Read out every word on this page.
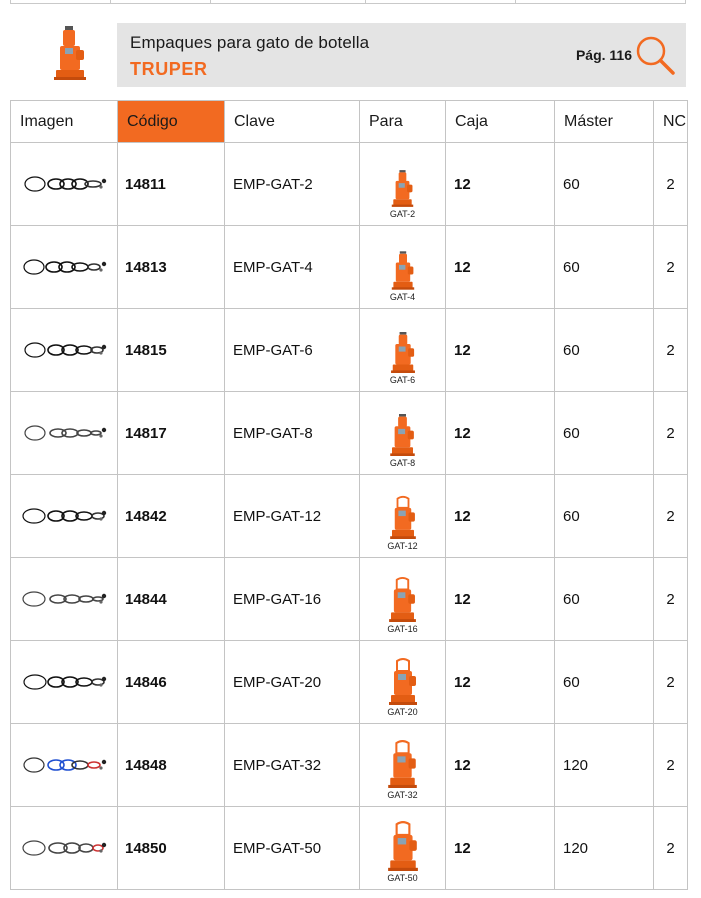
Empaques para gato de botella
TRUPER
Pág. 116
Imagen	Código	Clave	Para	Caja	Máster	NC

	14811	EMP-GAT-2	GAT-2	12	60	2

	14813	EMP-GAT-4	GAT-4	12	60	2

	14815	EMP-GAT-6	GAT-6	12	60	2

	14817	EMP-GAT-8	GAT-8	12	60	2

	14842	EMP-GAT-12	GAT-12	12	60	2

	14844	EMP-GAT-16	GAT-16	12	60	2

	14846	EMP-GAT-20	GAT-20	12	60	2

	14848	EMP-GAT-32	GAT-32	12	120	2

	14850	EMP-GAT-50	GAT-50	12	120	2
